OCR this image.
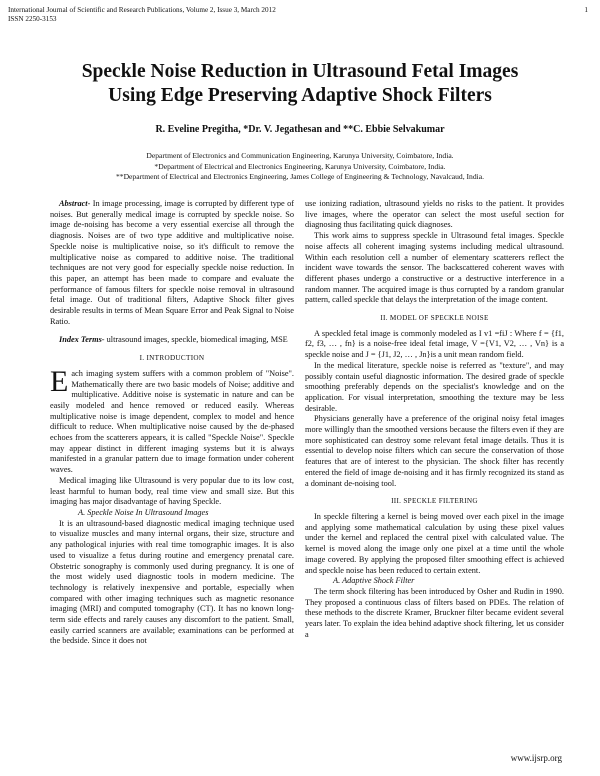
International Journal of Scientific and Research Publications, Volume 2, Issue 3, March 2012
ISSN 2250-3153
1
Speckle Noise Reduction in Ultrasound Fetal Images
Using Edge Preserving Adaptive Shock Filters
R. Eveline Pregitha, *Dr. V. Jegathesan and **C. Ebbie Selvakumar
Department of Electronics and Communication Engineering, Karunya University, Coimbatore, India.
*Department of Electrical and Electronics Engineering, Karunya University, Coimbatore, India.
**Department of Electrical and Electronics Engineering, James College of Engineering & Technology, Navalcaud, India.

Abstract- In image processing, image is corrupted by different type of noises. But generally medical image is corrupted by speckle noise. So image de-noising has become a very essential exercise all through the diagnosis. Noises are of two type additive and multiplicative noise. Speckle noise is multiplicative noise, so it's difficult to remove the multiplicative noise as compared to additive noise. The traditional techniques are not very good for especially speckle noise reduction. In this paper, an attempt has been made to compare and evaluate the performance of famous filters for speckle noise removal in ultrasound fetal image. Out of traditional filters, Adaptive Shock filter gives desirable results in terms of Mean Square Error and Peak Signal to Noise Ratio.

Index Terms- ultrasound images, speckle, biomedical imaging, MSE

I. INTRODUCTION

Each imaging system suffers with a common problem of "Noise". Mathematically there are two basic models of Noise; additive and multiplicative. Additive noise is systematic in nature and can be easily modeled and hence removed or reduced easily. Whereas multiplicative noise is image dependent, complex to model and hence difficult to reduce. When multiplicative noise caused by the de-phased echoes from the scatterers appears, it is called "Speckle Noise". Speckle may appear distinct in different imaging systems but it is always manifested in a granular pattern due to image formation under coherent waves.

Medical imaging like Ultrasound is very popular due to its low cost, least harmful to human body, real time view and small size. But this imaging has major disadvantage of having Speckle.

A. Speckle Noise In Ultrasound Images

It is an ultrasound-based diagnostic medical imaging technique used to visualize muscles and many internal organs, their size, structure and any pathological injuries with real time tomographic images. It is also used to visualize a fetus during routine and emergency prenatal care. Obstetric sonography is commonly used during pregnancy. It is one of the most widely used diagnostic tools in modern medicine. The technology is relatively inexpensive and portable, especially when compared with other imaging techniques such as magnetic resonance imaging (MRI) and computed tomography (CT). It has no known long-term side effects and rarely causes any discomfort to the patient. Small, easily carried scanners are available; examinations can be performed at the bedside. Since it does not

use ionizing radiation, ultrasound yields no risks to the patient. It provides live images, where the operator can select the most useful section for diagnosing thus facilitating quick diagnoses.

This work aims to suppress speckle in Ultrasound fetal images. Speckle noise affects all coherent imaging systems including medical ultrasound. Within each resolution cell a number of elementary scatterers reflect the incident wave towards the sensor. The backscattered coherent waves with different phases undergo a constructive or a destructive interference in a random manner. The acquired image is thus corrupted by a random granular pattern, called speckle that delays the interpretation of the image content.

II. MODEL OF SPECKLE NOISE

A speckled fetal image is commonly modeled as I v1 =fiJ : Where f = {f1, f2, f3, … , fn} is a noise-free ideal fetal image, V ={V1, V2, … , Vn} is a speckle noise and J = {J1, J2, … , Jn}is a unit mean random field.

In the medical literature, speckle noise is referred as "texture", and may possibly contain useful diagnostic information. The desired grade of speckle smoothing preferably depends on the specialist's knowledge and on the application. For visual interpretation, smoothing the texture may be less desirable.

Physicians generally have a preference of the original noisy fetal images more willingly than the smoothed versions because the filters even if they are more sophisticated can destroy some relevant fetal image details. Thus it is essential to develop noise filters which can secure the conservation of those features that are of interest to the physician. The shock filter has recently entered the field of image de-noising and it has firmly recognized its stand as a dominant de-noising tool.

III. SPECKLE FILTERING

In speckle filtering a kernel is being moved over each pixel in the image and applying some mathematical calculation by using these pixel values under the kernel and replaced the central pixel with calculated value. The kernel is moved along the image only one pixel at a time until the whole image covered. By applying the proposed filter smoothing effect is achieved and speckle noise has been reduced to certain extent.

A. Adaptive Shock Filter

The term shock filtering has been introduced by Osher and Rudin in 1990. They proposed a continuous class of filters based on PDEs. The relation of these methods to the discrete Kramer, Bruckner filter became evident several years later. To explain the idea behind adaptive shock filtering, let us consider a

www.ijsrp.org
